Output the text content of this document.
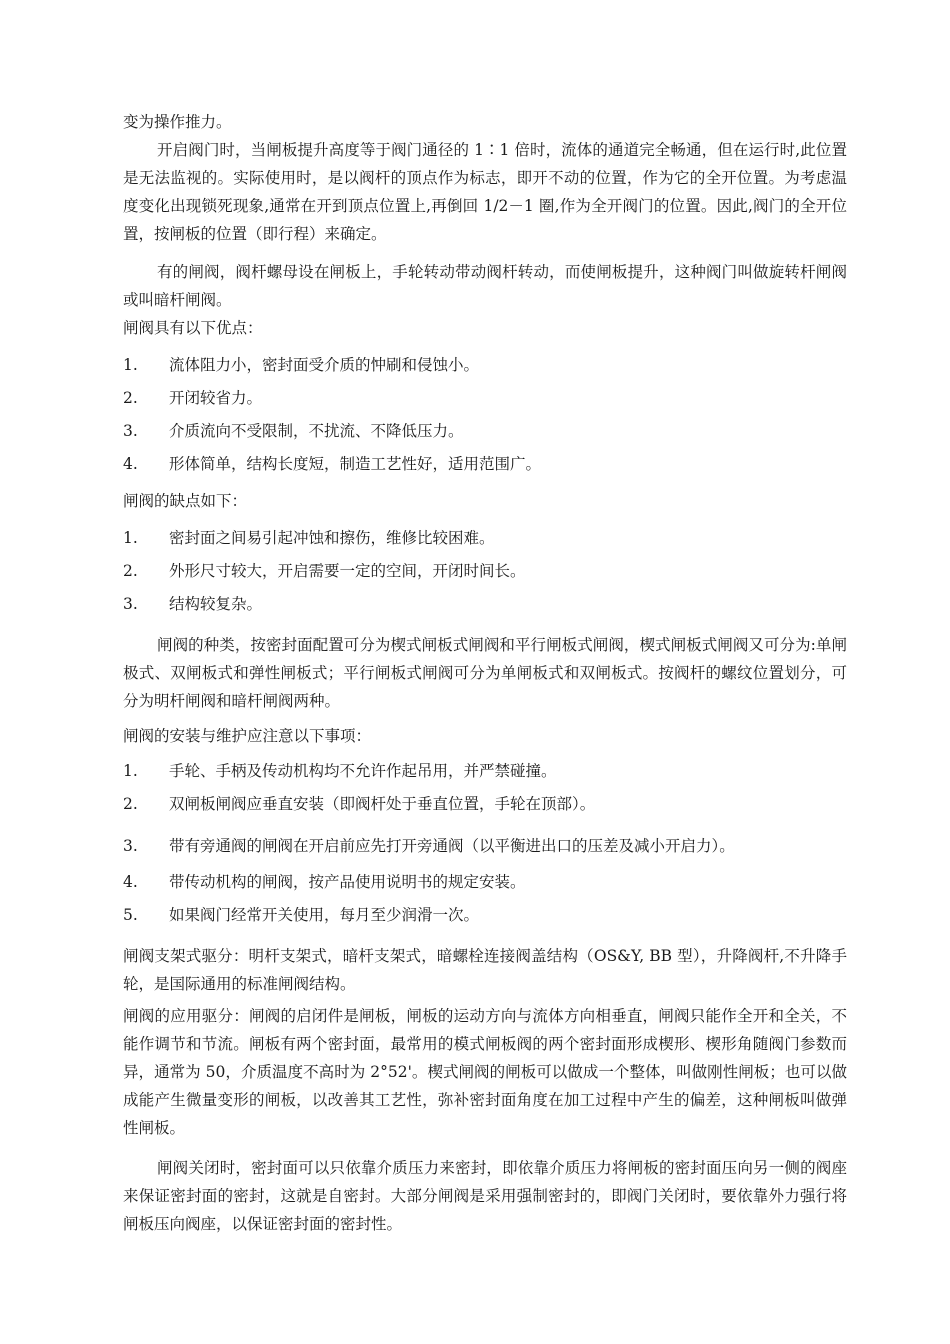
变为操作推力。

开启阀门时，当闸板提升高度等于阀门通径的 1∶1 倍时，流体的通道完全畅通，但在运行时,此位置是无法监视的。实际使用时，是以阀杆的顶点作为标志，即开不动的位置，作为它的全开位置。为考虑温度变化出现锁死现象,通常在开到顶点位置上,再倒回 1/2－1 圈,作为全开阀门的位置。因此,阀门的全开位置，按闸板的位置（即行程）来确定。

有的闸阀，阀杆螺母设在闸板上，手轮转动带动阀杆转动，而使闸板提升，这种阀门叫做旋转杆闸阀或叫暗杆闸阀。

闸阀具有以下优点：

1. 流体阻力小，密封面受介质的忡刷和侵蚀小。
2. 开闭较省力。
3. 介质流向不受限制，不扰流、不降低压力。
4. 形体简单，结构长度短，制造工艺性好，适用范围广。

闸阀的缺点如下：

1. 密封面之间易引起冲蚀和擦伤，维修比较困难。
2. 外形尺寸较大，开启需要一定的空间，开闭时间长。
3. 结构较复杂。

闸阀的种类，按密封面配置可分为楔式闸板式闸阀和平行闸板式闸阀，楔式闸板式闸阀又可分为:单闸极式、双闸板式和弹性闸板式；平行闸板式闸阀可分为单闸板式和双闸板式。按阀杆的螺纹位置划分，可分为明杆闸阀和暗杆闸阀两种。

闸阀的安装与维护应注意以下事项：

1. 手轮、手柄及传动机构均不允许作起吊用，并严禁碰撞。
2. 双闸板闸阀应垂直安装（即阀杆处于垂直位置，手轮在顶部）。
3. 带有旁通阀的闸阀在开启前应先打开旁通阀（以平衡进出口的压差及减小开启力）。
4. 带传动机构的闸阀，按产品使用说明书的规定安装。
5. 如果阀门经常开关使用，每月至少润滑一次。

闸阀支架式驱分：明杆支架式，暗杆支架式，暗螺栓连接阀盖结构（OS&Y, BB 型），升降阀杆,不升降手轮，是国际通用的标准闸阀结构。

闸阀的应用驱分：闸阀的启闭件是闸板，闸板的运动方向与流体方向相垂直，闸阀只能作全开和全关，不能作调节和节流。闸板有两个密封面，最常用的模式闸板阀的两个密封面形成楔形、楔形角随阀门参数而异，通常为 50，介质温度不高时为 2°52'。楔式闸阀的闸板可以做成一个整体，叫做刚性闸板；也可以做成能产生微量变形的闸板，以改善其工艺性，弥补密封面角度在加工过程中产生的偏差，这种闸板叫做弹性闸板。

闸阀关闭时，密封面可以只依靠介质压力来密封，即依靠介质压力将闸板的密封面压向另一侧的阀座来保证密封面的密封，这就是自密封。大部分闸阀是采用强制密封的，即阀门关闭时，要依靠外力强行将闸板压向阀座，以保证密封面的密封性。
